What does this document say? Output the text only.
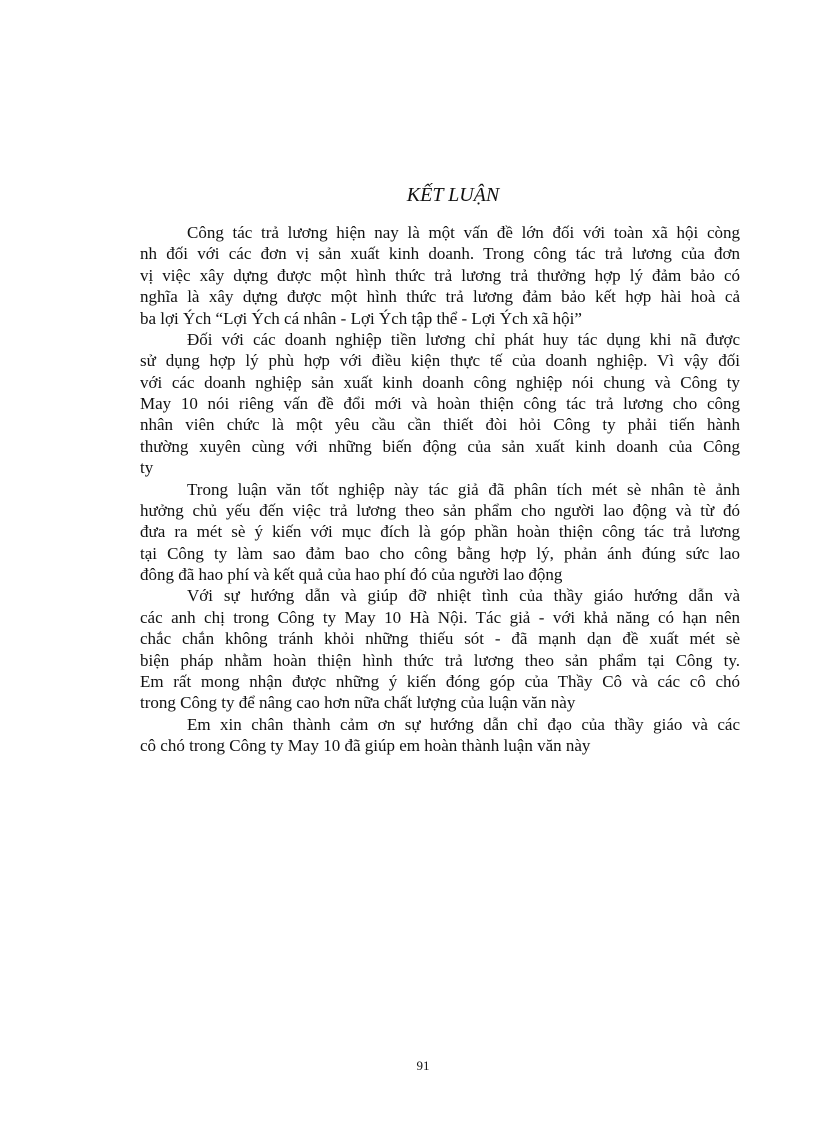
KẾT LUẬN
Công tác trả lương hiện nay là một vấn đề lớn đối với toàn xã hội còng
nh đối với các đơn vị sản xuất kinh doanh. Trong công tác trả lương của đơn
vị việc xây dựng được một hình thức trả lương trả thưởng hợp lý đảm bảo có
nghĩa là xây dựng được một hình thức trả lương đảm bảo kết hợp hài hoà cả
ba lợi Ých “Lợi Ých cá nhân - Lợi Ých tập thể - Lợi Ých xã hội”
Đối với các doanh nghiệp tiền lương chỉ phát huy tác dụng khi nã được
sử dụng hợp lý phù hợp với điều kiện thực tế của doanh nghiệp. Vì vậy đối
với các doanh nghiệp sản xuất kinh doanh công nghiệp nói chung và Công ty
May 10 nói riêng vấn đề đổi mới và hoàn thiện công tác trả lương cho công
nhân viên chức là một yêu cầu cần thiết đòi hỏi Công ty phải tiến hành
thường xuyên cùng với những biến động của sản xuất kinh doanh của Công
ty
Trong luận văn tốt nghiệp này tác giả đã phân tích mét sè nhân tè ảnh
hưởng chủ yếu đến việc trả lương theo sản phẩm cho người lao động và từ đó
đưa ra mét sè ý kiến với mục đích là góp phần hoàn thiện công tác trả lương
tại Công ty làm sao đảm bao cho công bằng hợp lý, phản ánh đúng sức lao
đông đã hao phí và kết quả của hao phí đó của người lao động
Với sự hướng dẫn và giúp đỡ nhiệt tình của thầy giáo hướng dẫn và
các anh chị trong Công ty May 10 Hà Nội. Tác giả - với khả năng có hạn nên
chắc chắn không tránh khỏi những thiếu sót - đã mạnh dạn đề xuất mét sè
biện pháp nhằm hoàn thiện hình thức trả lương theo sản phẩm tại Công ty.
Em rất mong nhận được những ý kiến đóng góp của Thầy Cô và các cô chó
trong Công ty để nâng cao hơn nữa chất lượng của luận văn này
Em xin chân thành cảm ơn sự hướng dẫn chỉ đạo của thầy giáo và các
cô chó trong Công ty May 10 đã giúp em hoàn thành luận văn này
91
